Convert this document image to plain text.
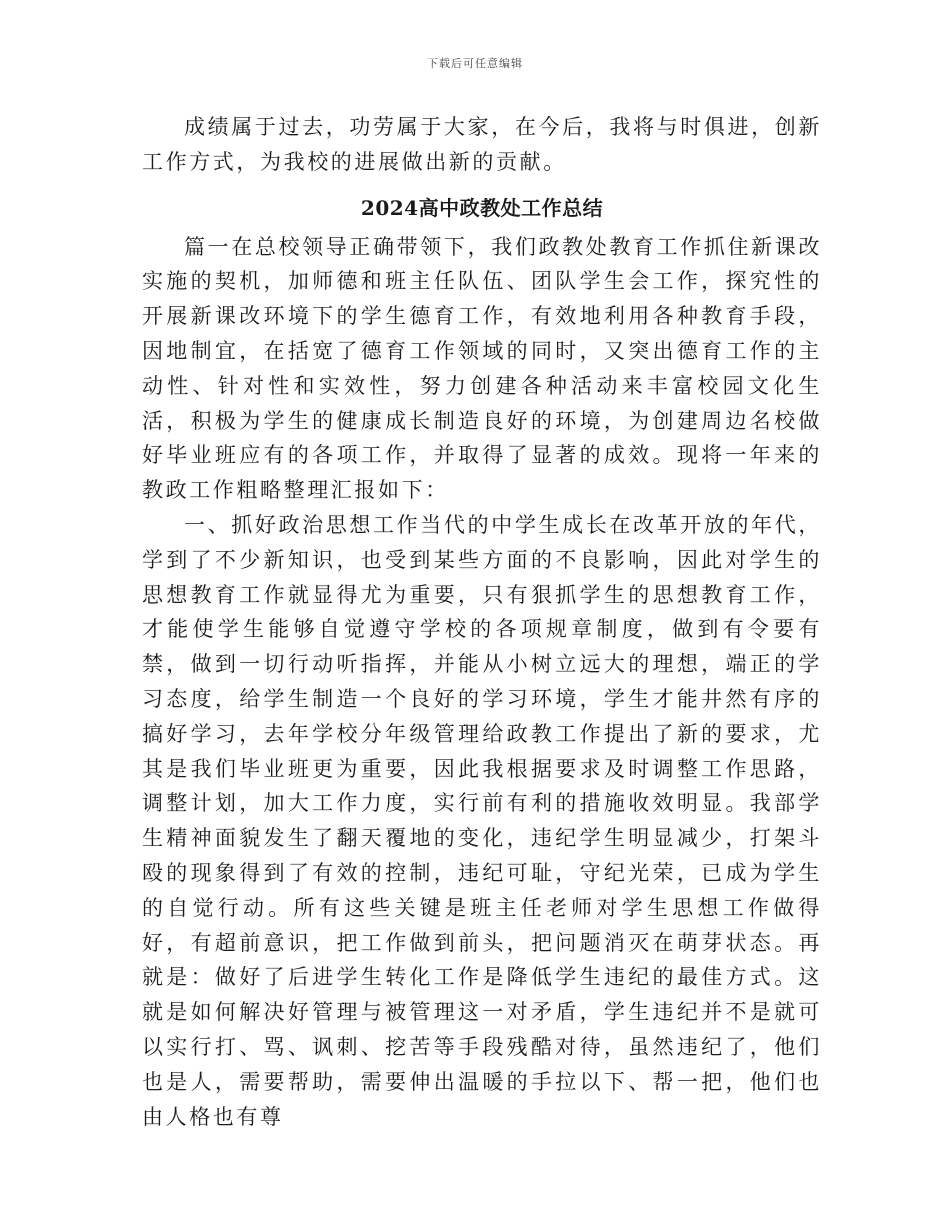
下载后可任意编辑

成绩属于过去，功劳属于大家，在今后，我将与时俱进，创新工作方式，为我校的进展做出新的贡献。

2024高中政教处工作总结

篇一在总校领导正确带领下，我们政教处教育工作抓住新课改实施的契机，加师德和班主任队伍、团队学生会工作，探究性的开展新课改环境下的学生德育工作，有效地利用各种教育手段，因地制宜，在括宽了德育工作领域的同时，又突出德育工作的主动性、针对性和实效性，努力创建各种活动来丰富校园文化生活，积极为学生的健康成长制造良好的环境，为创建周边名校做好毕业班应有的各项工作，并取得了显著的成效。现将一年来的教政工作粗略整理汇报如下：

一、抓好政治思想工作当代的中学生成长在改革开放的年代，学到了不少新知识，也受到某些方面的不良影响，因此对学生的思想教育工作就显得尤为重要，只有狠抓学生的思想教育工作，才能使学生能够自觉遵守学校的各项规章制度，做到有令要有禁，做到一切行动听指挥，并能从小树立远大的理想，端正的学习态度，给学生制造一个良好的学习环境，学生才能井然有序的搞好学习，去年学校分年级管理给政教工作提出了新的要求，尤其是我们毕业班更为重要，因此我根据要求及时调整工作思路，调整计划，加大工作力度，实行前有利的措施收效明显。我部学生精神面貌发生了翻天覆地的变化，违纪学生明显减少，打架斗殴的现象得到了有效的控制，违纪可耻，守纪光荣，已成为学生的自觉行动。所有这些关键是班主任老师对学生思想工作做得好，有超前意识，把工作做到前头，把问题消灭在萌芽状态。再就是：做好了后进学生转化工作是降低学生违纪的最佳方式。这就是如何解决好管理与被管理这一对矛盾，学生违纪并不是就可以实行打、骂、讽刺、挖苦等手段残酷对待，虽然违纪了，他们也是人，需要帮助，需要伸出温暖的手拉以下、帮一把，他们也由人格也有尊
